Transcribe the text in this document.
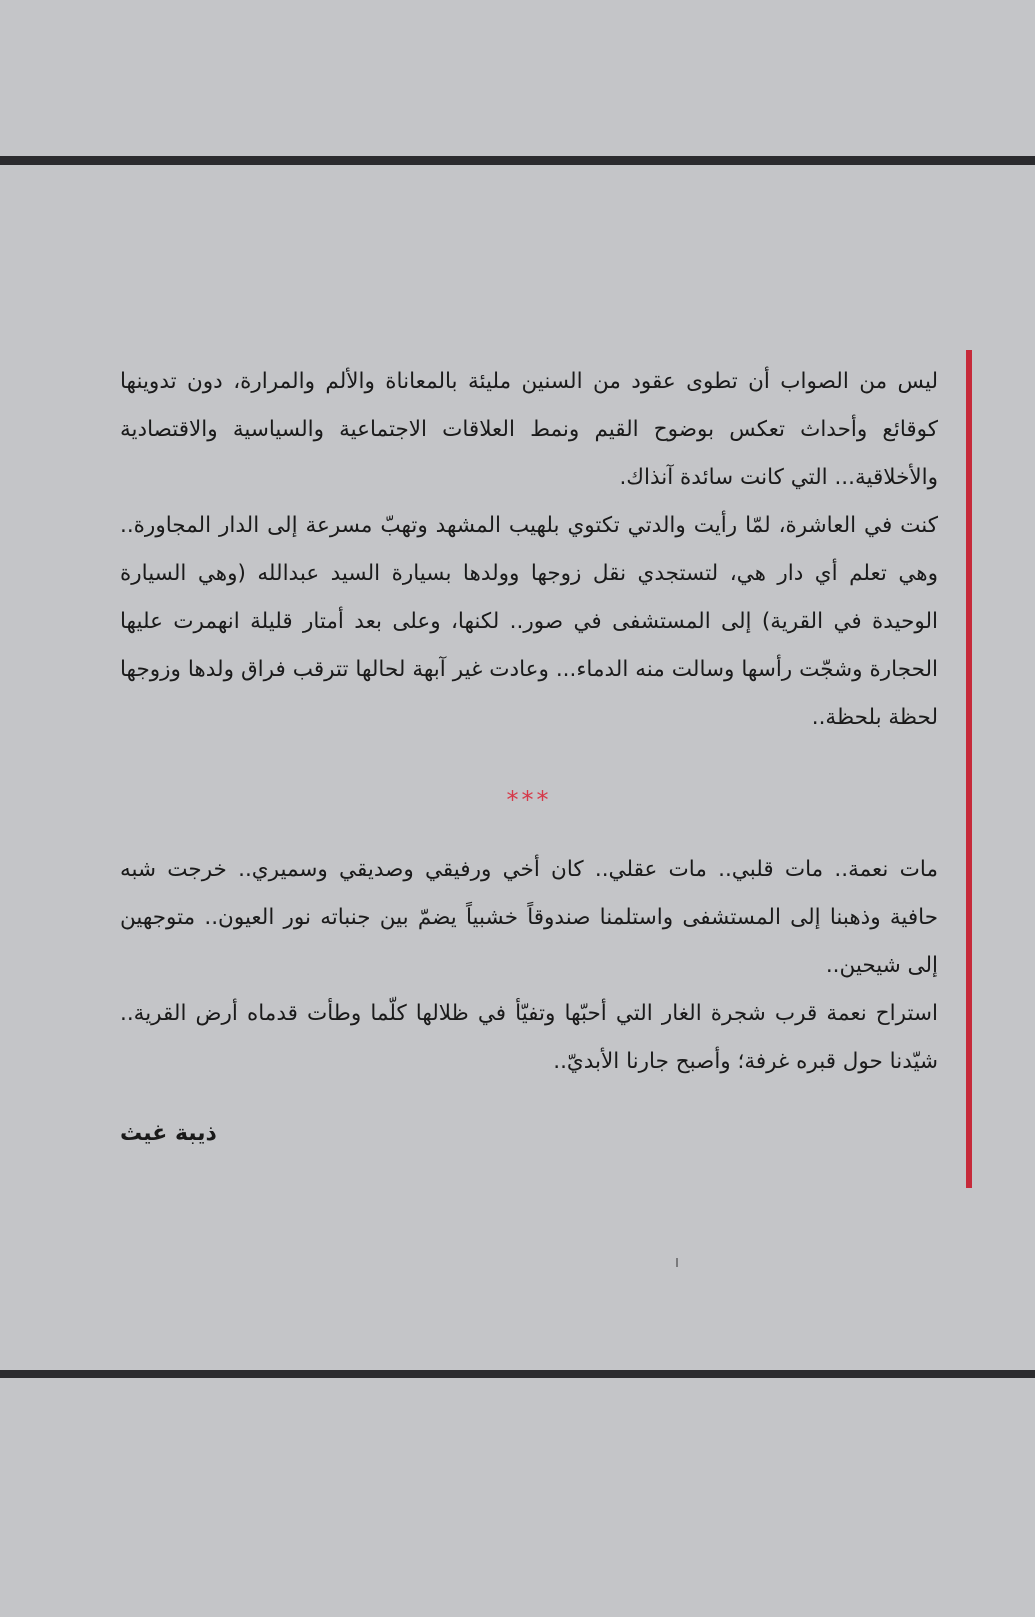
ليس من الصواب أن تطوى عقود من السنين مليئة بالمعاناة والألم والمرارة، دون تدوينها كوقائع وأحداث تعكس بوضوح القيم ونمط العلاقات الاجتماعية والسياسية والاقتصادية والأخلاقية... التي كانت سائدة آنذاك.

كنت في العاشرة، لمّا رأيت والدتي تكتوي بلهيب المشهد وتهبّ مسرعة إلى الدار المجاورة.. وهي تعلم أي دار هي، لتستجدي نقل زوجها وولدها بسيارة السيد عبدالله (وهي السيارة الوحيدة في القرية) إلى المستشفى في صور.. لكنها، وعلى بعد أمتار قليلة انهمرت عليها الحجارة وشجّت رأسها وسالت منه الدماء... وعادت غير آبهة لحالها تترقب فراق ولدها وزوجها لحظة بلحظة..

***

مات نعمة.. مات قلبي.. مات عقلي.. كان أخي ورفيقي وصديقي وسميري.. خرجت شبه حافية وذهبنا إلى المستشفى واستلمنا صندوقاً خشبياً يضمّ بين جنباته نور العيون.. متوجهين إلى شيحين..

استراح نعمة قرب شجرة الغار التي أحبّها وتفيّأ في ظلالها كلّما وطأت قدماه أرض القرية.. شيّدنا حول قبره غرفة؛ وأصبح جارنا الأبديّ..

ذيبة غيث
